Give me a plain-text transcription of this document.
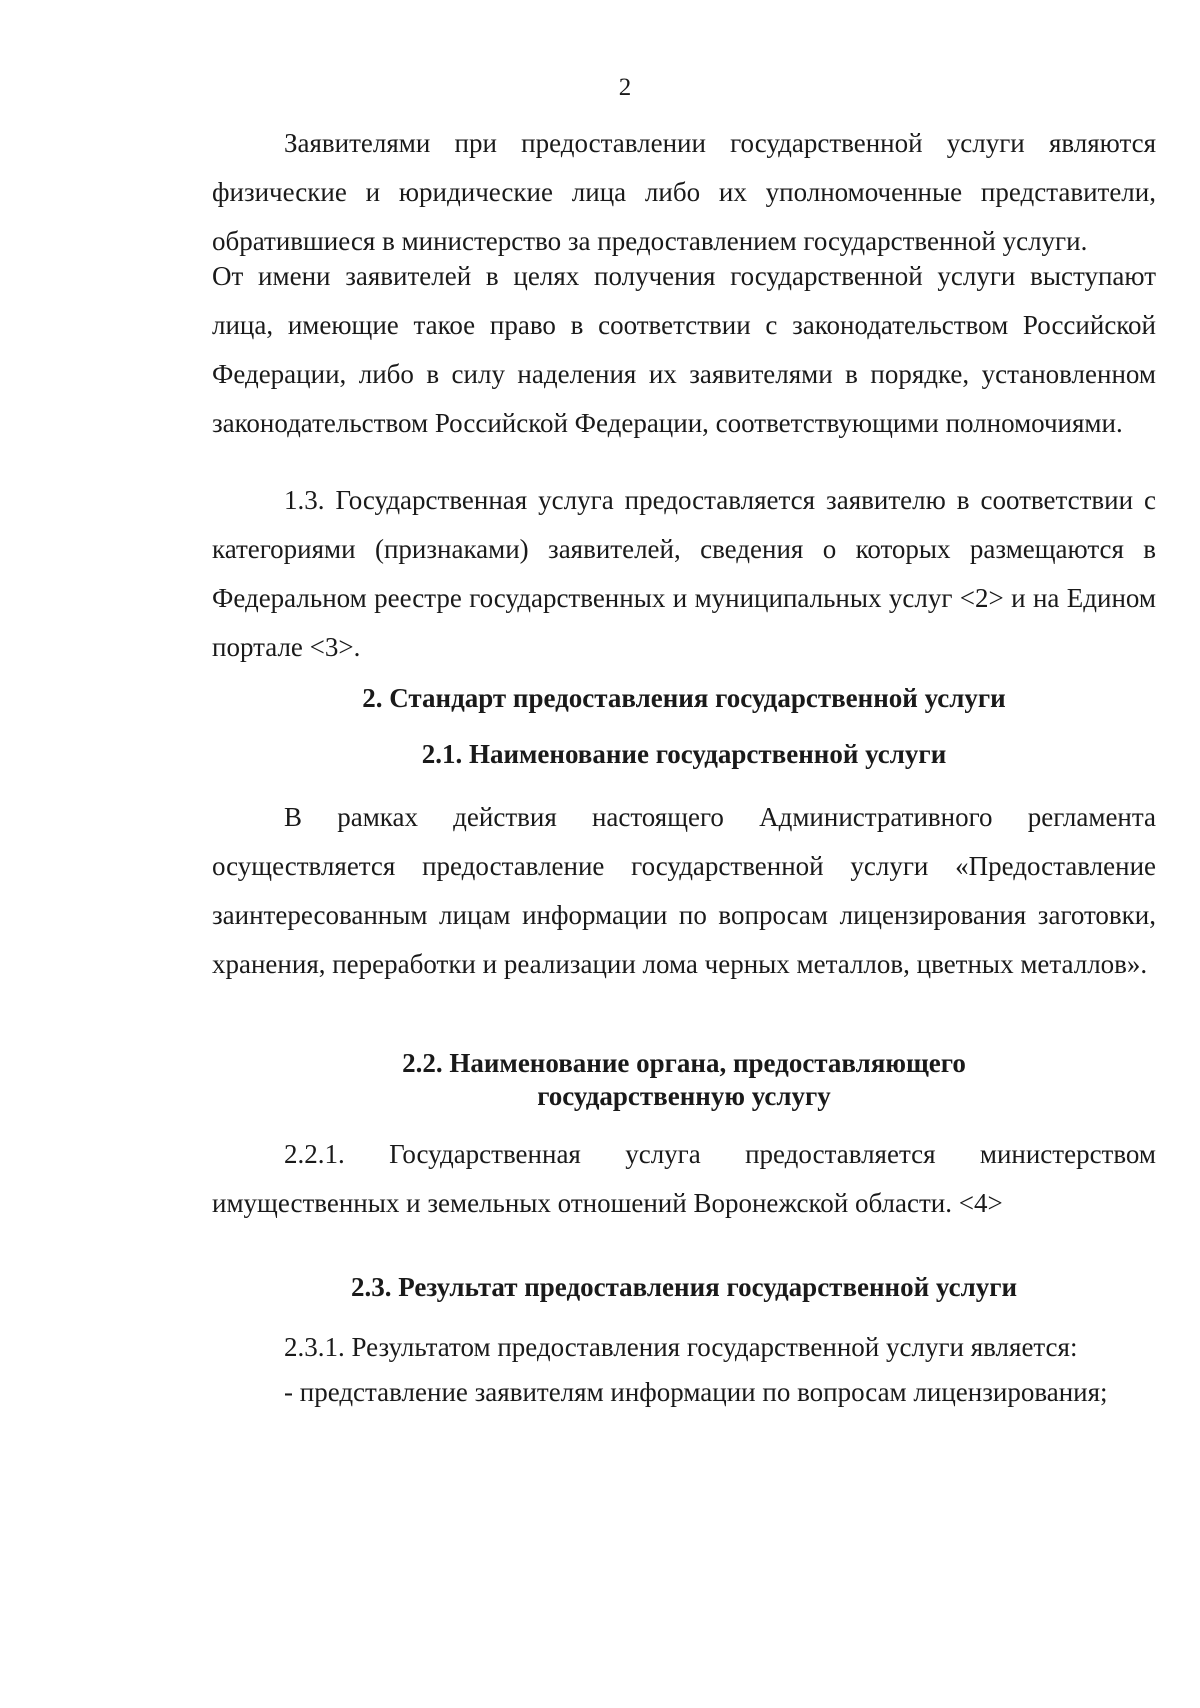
2

Заявителями при предоставлении государственной услуги являются физические и юридические лица либо их уполномоченные представители, обратившиеся в министерство за предоставлением государственной услуги.

От имени заявителей в целях получения государственной услуги выступают лица, имеющие такое право в соответствии с законодательством Российской Федерации, либо в силу наделения их заявителями в порядке, установленном законодательством Российской Федерации, соответствующими полномочиями.

1.3. Государственная услуга предоставляется заявителю в соответствии с категориями (признаками) заявителей, сведения о которых размещаются в Федеральном реестре государственных и муниципальных услуг <2> и на Едином портале <3>.

2. Стандарт предоставления государственной услуги
2.1. Наименование государственной услуги

В рамках действия настоящего Административного регламента осуществляется предоставление государственной услуги «Предоставление заинтересованным лицам информации по вопросам лицензирования заготовки, хранения, переработки и реализации лома черных металлов, цветных металлов».

2.2. Наименование органа, предоставляющего
государственную услугу

2.2.1. Государственная услуга предоставляется министерством имущественных и земельных отношений Воронежской области. <4>

2.3. Результат предоставления государственной услуги

2.3.1. Результатом предоставления государственной услуги является:

- представление заявителям информации по вопросам лицензирования;
